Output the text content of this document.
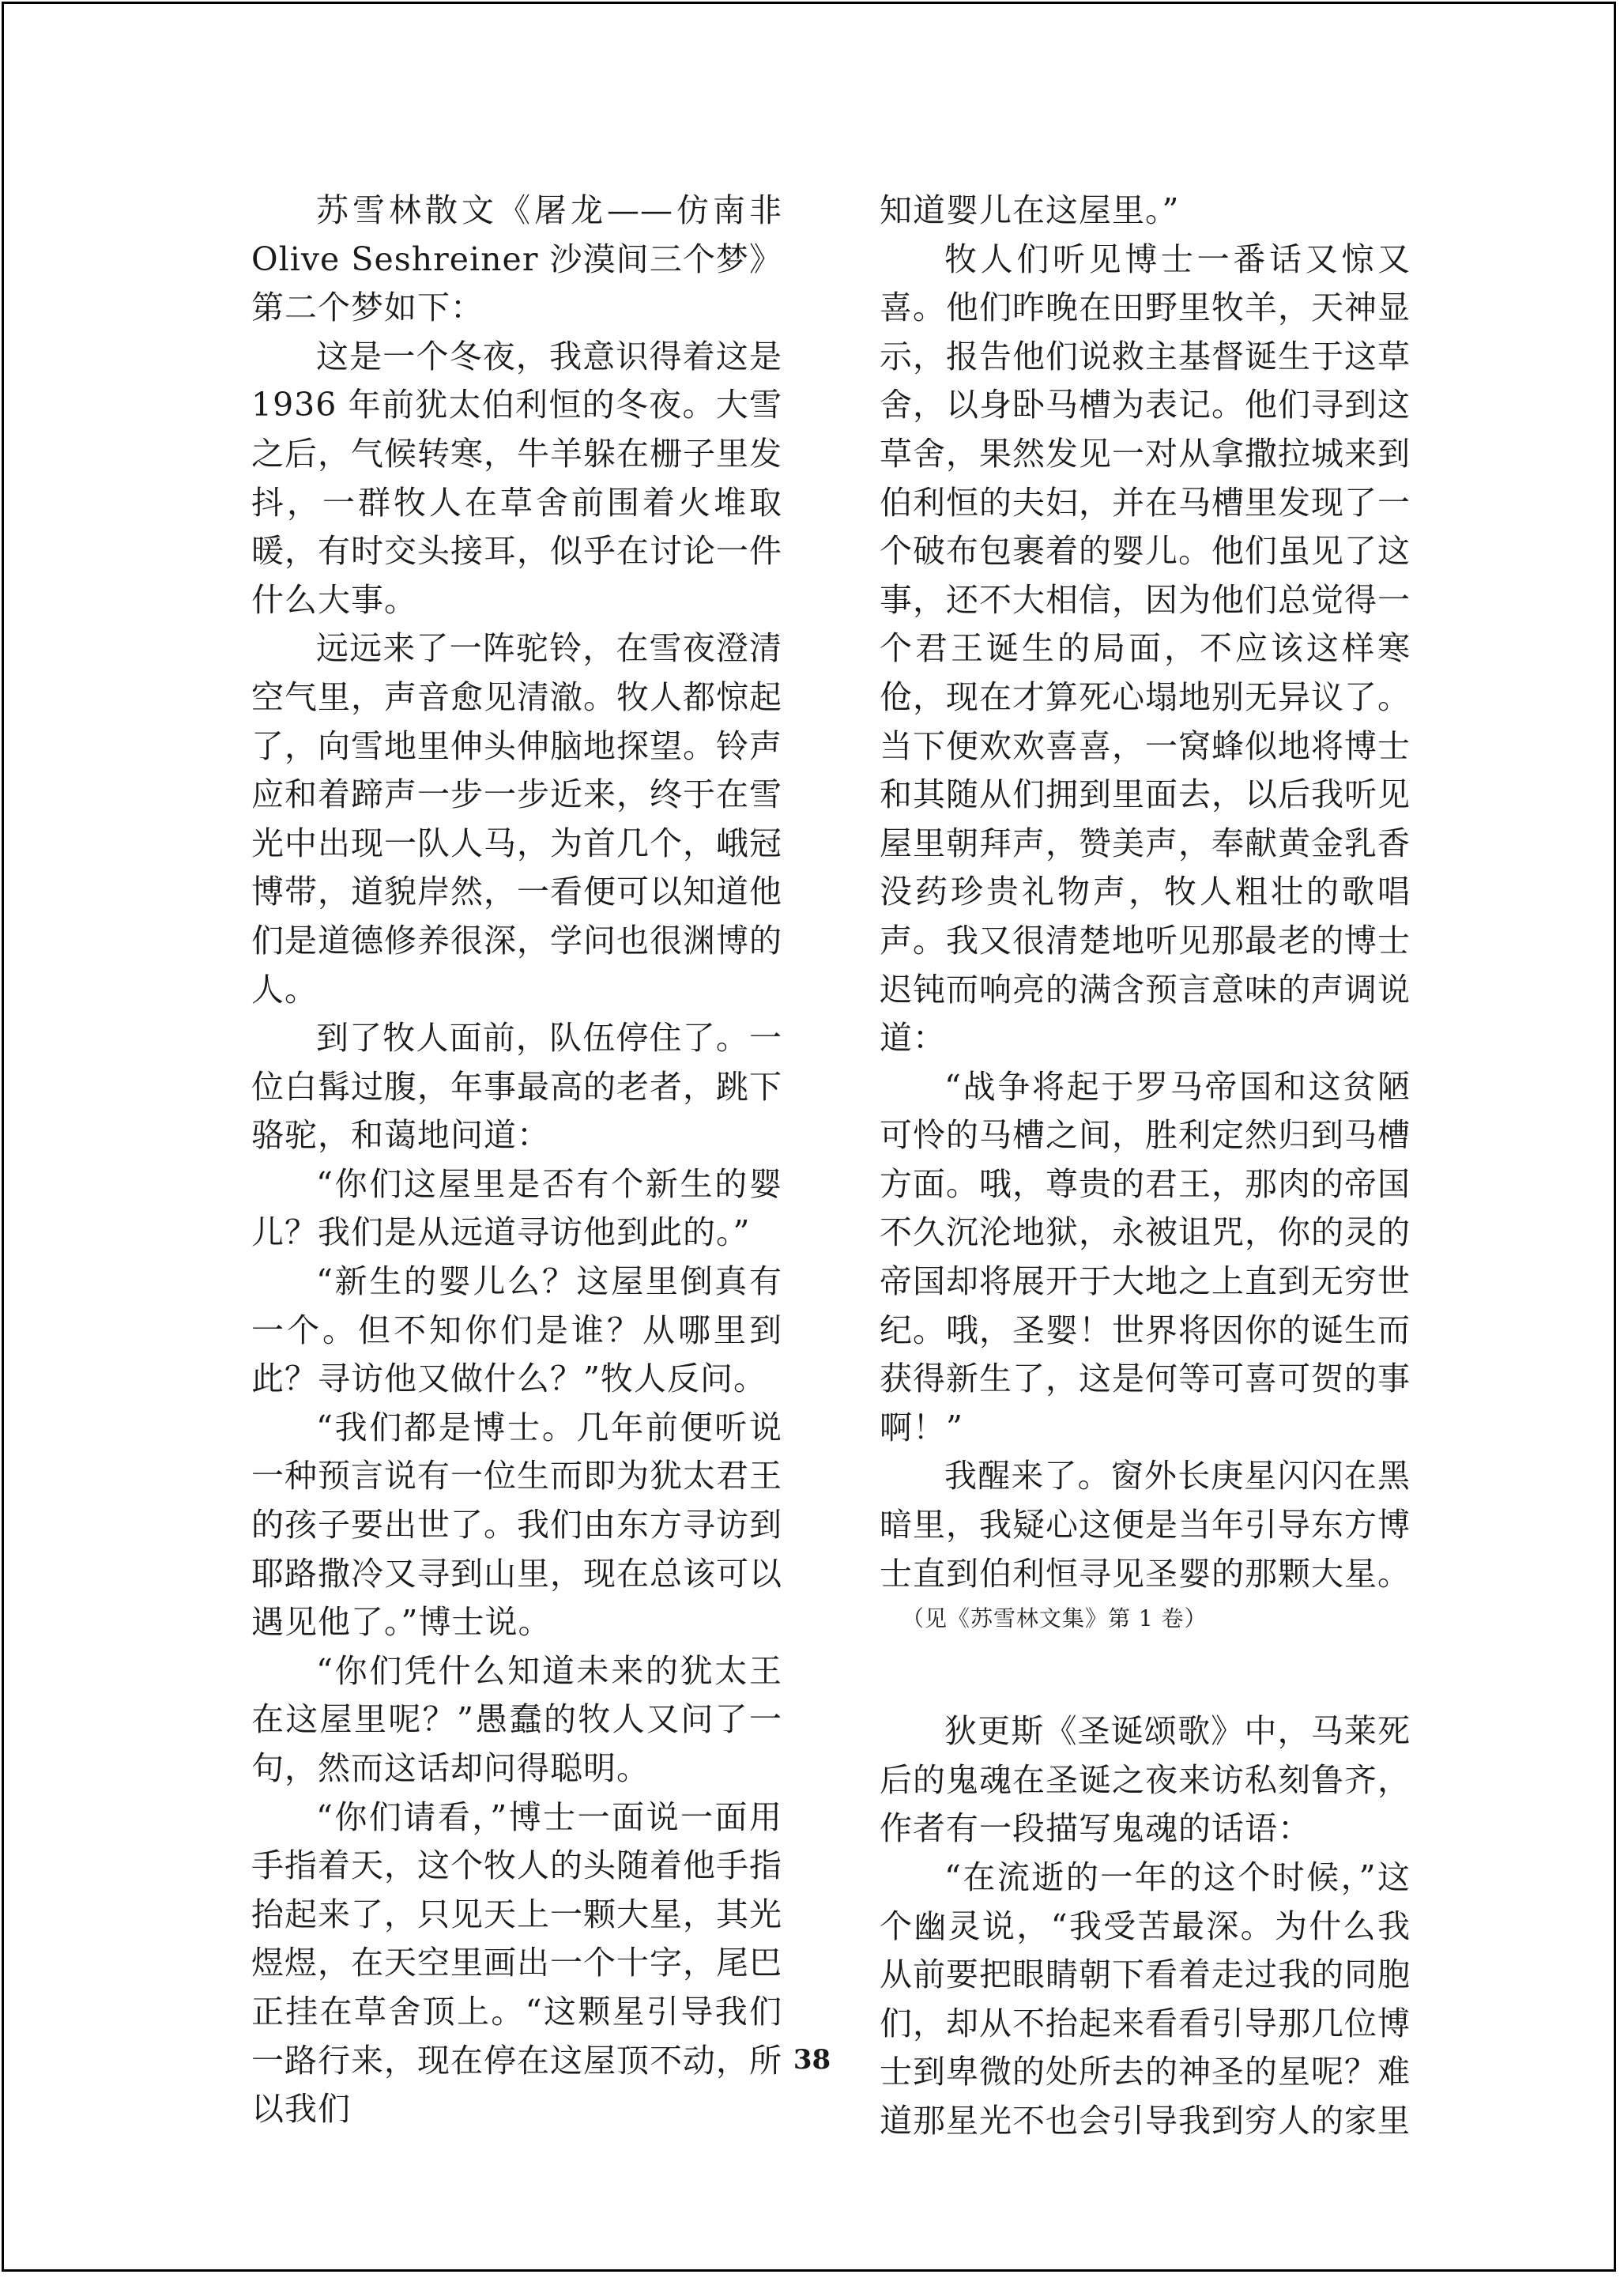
苏雪林散文《屠龙——仿南非 Olive Seshreiner 沙漠间三个梦》第二个梦如下：

这是一个冬夜，我意识得着这是 1936 年前犹太伯利恒的冬夜。大雪之后，气候转寒，牛羊躲在栅子里发抖，一群牧人在草舍前围着火堆取暖，有时交头接耳，似乎在讨论一件什么大事。

远远来了一阵驼铃，在雪夜澄清空气里，声音愈见清澈。牧人都惊起了，向雪地里伸头伸脑地探望。铃声应和着蹄声一步一步近来，终于在雪光中出现一队人马，为首几个，峨冠博带，道貌岸然，一看便可以知道他们是道德修养很深，学问也很渊博的人。

到了牧人面前，队伍停住了。一位白髯过腹，年事最高的老者，跳下骆驼，和蔼地问道：

“你们这屋里是否有个新生的婴儿？我们是从远道寻访他到此的。”

“新生的婴儿么？这屋里倒真有一个。但不知你们是谁？从哪里到此？寻访他又做什么？”牧人反问。

“我们都是博士。几年前便听说一种预言说有一位生而即为犹太君王的孩子要出世了。我们由东方寻访到耶路撒冷又寻到山里，现在总该可以遇见他了。”博士说。

“你们凭什么知道未来的犹太王在这屋里呢？”愚蠢的牧人又问了一句，然而这话却问得聪明。

“你们请看，”博士一面说一面用手指着天，这个牧人的头随着他手指抬起来了，只见天上一颗大星，其光煜煜，在天空里画出一个十字，尾巴正挂在草舍顶上。“这颗星引导我们一路行来，现在停在这屋顶不动，所以我们

知道婴儿在这屋里。”

牧人们听见博士一番话又惊又喜。他们昨晚在田野里牧羊，天神显示，报告他们说救主基督诞生于这草舍，以身卧马槽为表记。他们寻到这草舍，果然发见一对从拿撒拉城来到伯利恒的夫妇，并在马槽里发现了一个破布包裹着的婴儿。他们虽见了这事，还不大相信，因为他们总觉得一个君王诞生的局面，不应该这样寒伧，现在才算死心塌地别无异议了。当下便欢欢喜喜，一窝蜂似地将博士和其随从们拥到里面去，以后我听见屋里朝拜声，赞美声，奉献黄金乳香没药珍贵礼物声，牧人粗壮的歌唱声。我又很清楚地听见那最老的博士迟钝而响亮的满含预言意味的声调说道：

“战争将起于罗马帝国和这贫陋可怜的马槽之间，胜利定然归到马槽方面。哦，尊贵的君王，那肉的帝国不久沉沦地狱，永被诅咒，你的灵的帝国却将展开于大地之上直到无穷世纪。哦，圣婴！世界将因你的诞生而获得新生了，这是何等可喜可贺的事啊！”

我醒来了。窗外长庚星闪闪在黑暗里，我疑心这便是当年引导东方博士直到伯利恒寻见圣婴的那颗大星。

（见《苏雪林文集》第 1 卷）

狄更斯《圣诞颂歌》中，马莱死后的鬼魂在圣诞之夜来访私刻鲁齐，作者有一段描写鬼魂的话语：

“在流逝的一年的这个时候，”这个幽灵说，“我受苦最深。为什么我从前要把眼睛朝下看着走过我的同胞们，却从不抬起来看看引导那几位博士到卑微的处所去的神圣的星呢？难道那星光不也会引导我到穷人的家里

38
